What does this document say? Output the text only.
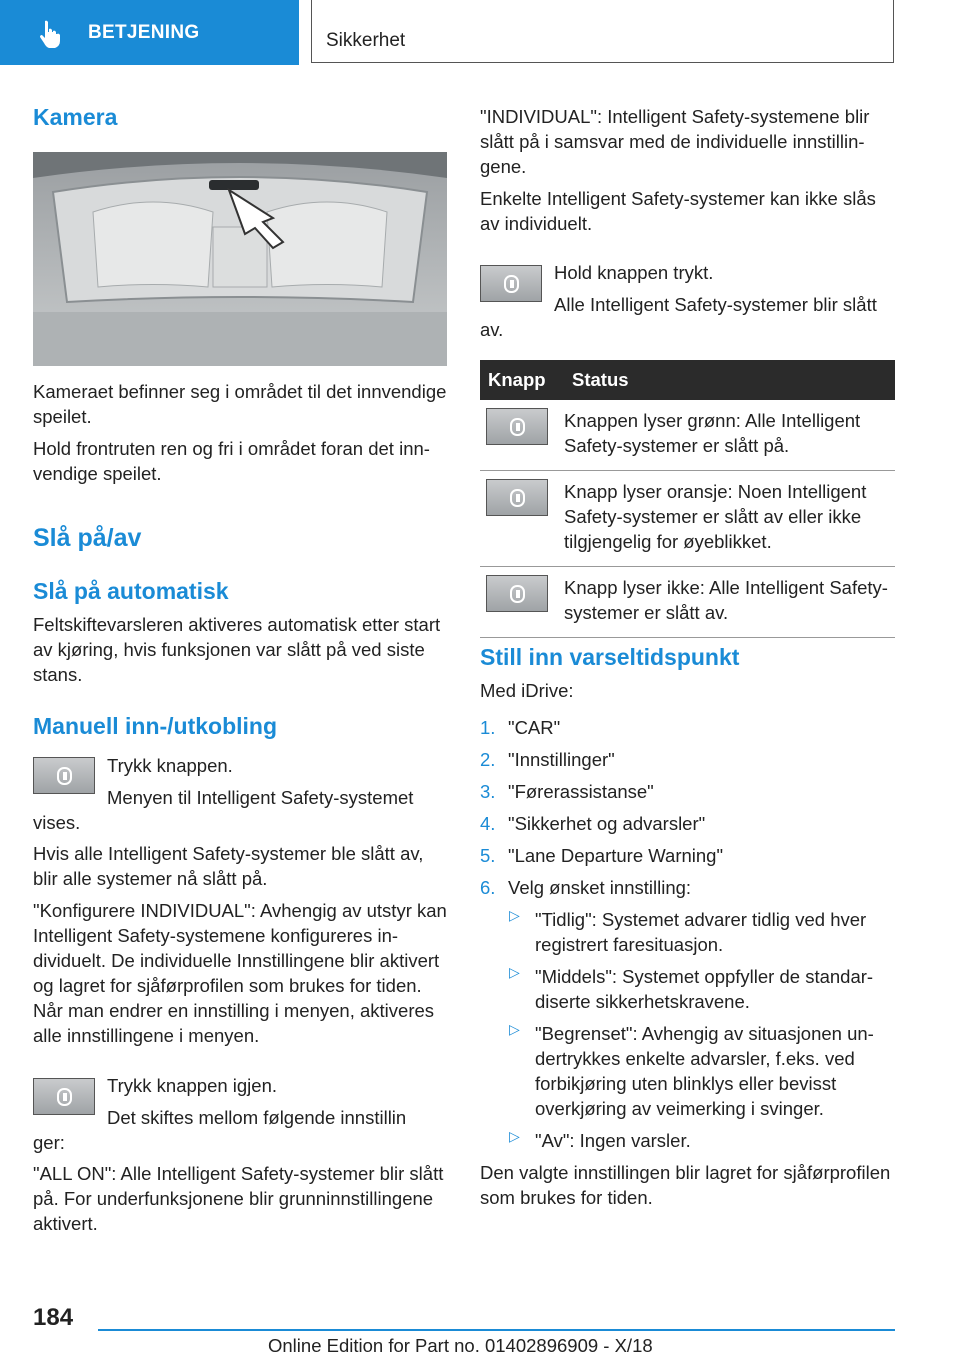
BETJENING	Sikkerhet
Kamera

Kameraet befinner seg i området til det innvendige speilet.

Hold frontruten ren og fri i området foran det innvendige speilet.

Slå på/av
Slå på automatisk

Feltskiftevarsleren aktiveres automatisk etter start av kjøring, hvis funksjonen var slått på ved siste stans.

Manuell inn-/utkobling

Trykk knappen.

Menyen til Intelligent Safety-systemet

vises.

Hvis alle Intelligent Safety-systemer ble slått av, blir alle systemer nå slått på.

"Konfigurere INDIVIDUAL": Avhengig av utstyr kan Intelligent Safety-systemene konfigureres individuelt. De individuelle Innstillingene blir aktivert og lagret for sjåførprofilen som brukes for tiden. Når man endrer en innstilling i menyen, aktiveres alle innstillingene i menyen.

Trykk knappen igjen.

Det skiftes mellom følgende innstillin

ger:

"ALL ON": Alle Intelligent Safety-systemer blir slått på. For underfunksjonene blir grunninnstillingene aktivert.

"INDIVIDUAL": Intelligent Safety-systemene blir slått på i samsvar med de individuelle innstillingene.

Enkelte Intelligent Safety-systemer kan ikke slås av individuelt.

Hold knappen trykt.

Alle Intelligent Safety-systemer blir slått

av.

Knapp	Status

	Knappen lyser grønn: Alle Intelligent Safety-systemer er slått på.

	Knapp lyser oransje: Noen Intelligent Safety-systemer er slått av eller ikke tilgjengelig for øyeblikket.

	Knapp lyser ikke: Alle Intelligent Safety-systemer er slått av.
Still inn varseltidspunkt

Med iDrive:

1. "CAR"
2. "Innstillinger"
3. "Førerassistanse"
4. "Sikkerhet og advarsler"
5. "Lane Departure Warning"
6. Velg ønsket innstilling:
▷ "Tidlig": Systemet advarer tidlig ved hver registrert faresituasjon.

▷ "Middels": Systemet oppfyller de standardiserte sikkerhetskravene.

▷ "Begrenset": Avhengig av situasjonen undertrykkes enkelte advarsler, f.eks. ved forbikjøring uten blinklys eller bevisst overkjøring av veimerking i svinger.

▷ "Av": Ingen varsler.

Den valgte innstillingen blir lagret for sjåførprofilen som brukes for tiden.

184
Online Edition for Part no. 01402896909 - X/18
